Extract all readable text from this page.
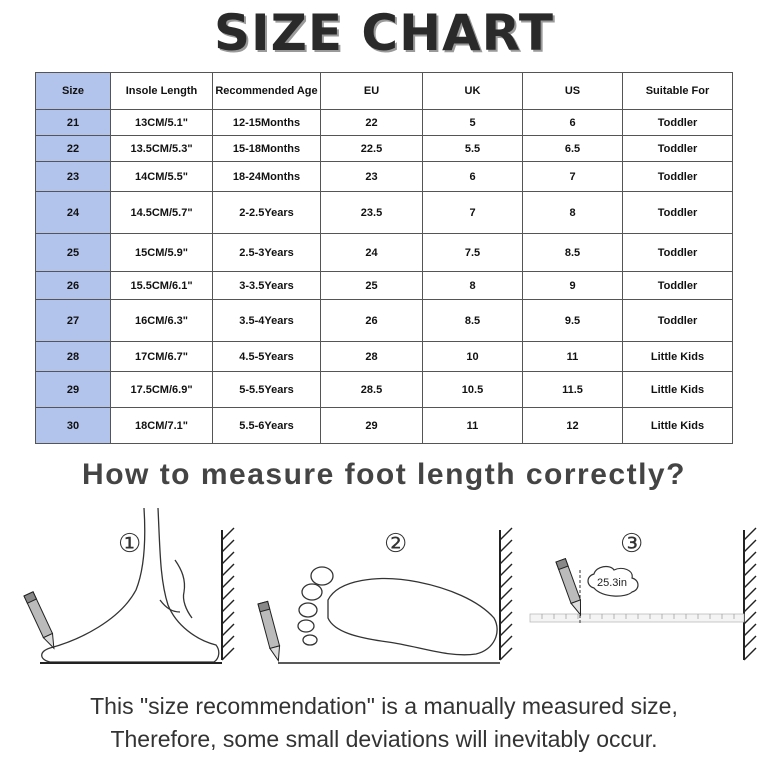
SIZE CHART
Size	Insole Length	Recommended Age	EU	UK	US	Suitable For
21	13CM/5.1"	12-15Months	22	5	6	Toddler
22	13.5CM/5.3"	15-18Months	22.5	5.5	6.5	Toddler
23	14CM/5.5"	18-24Months	23	6	7	Toddler
24	14.5CM/5.7"	2-2.5Years	23.5	7	8	Toddler
25	15CM/5.9"	2.5-3Years	24	7.5	8.5	Toddler
26	15.5CM/6.1"	3-3.5Years	25	8	9	Toddler
27	16CM/6.3"	3.5-4Years	26	8.5	9.5	Toddler
28	17CM/6.7"	4.5-5Years	28	10	11	Little Kids
29	17.5CM/6.9"	5-5.5Years	28.5	10.5	11.5	Little Kids
30	18CM/7.1"	5.5-6Years	29	11	12	Little Kids
How to measure foot length correctly?
①	②	③
25.3in
This "size recommendation" is a manually measured size,
Therefore, some small deviations will inevitably occur.
